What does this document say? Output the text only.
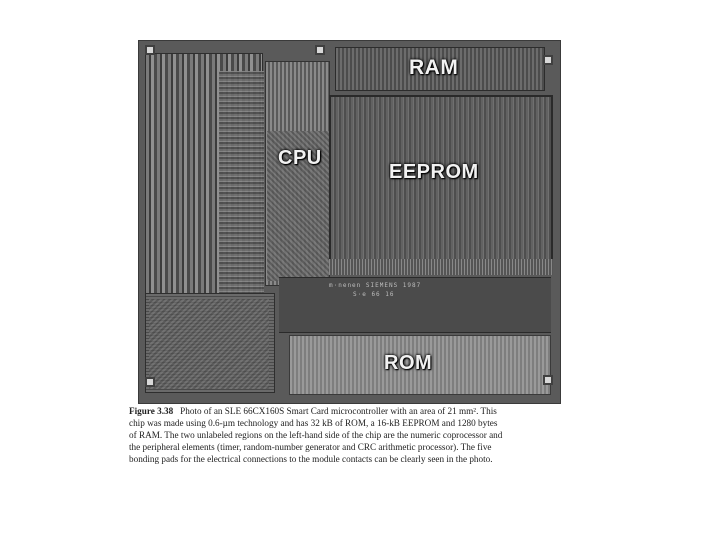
m·nenen SIEMENS 1987
S·e 66 16
RAM
CPU
EEPROM
ROM
Figure 3.38 Photo of an SLE 66CX160S Smart Card microcontroller with an area of 21 mm². This
chip was made using 0.6-µm technology and has 32 kB of ROM, a 16-kB EEPROM and 1280 bytes
of RAM. The two unlabeled regions on the left-hand side of the chip are the numeric coprocessor and
the peripheral elements (timer, random-number generator and CRC arithmetic processor). The five
bonding pads for the electrical connections to the module contacts can be clearly seen in the photo.
